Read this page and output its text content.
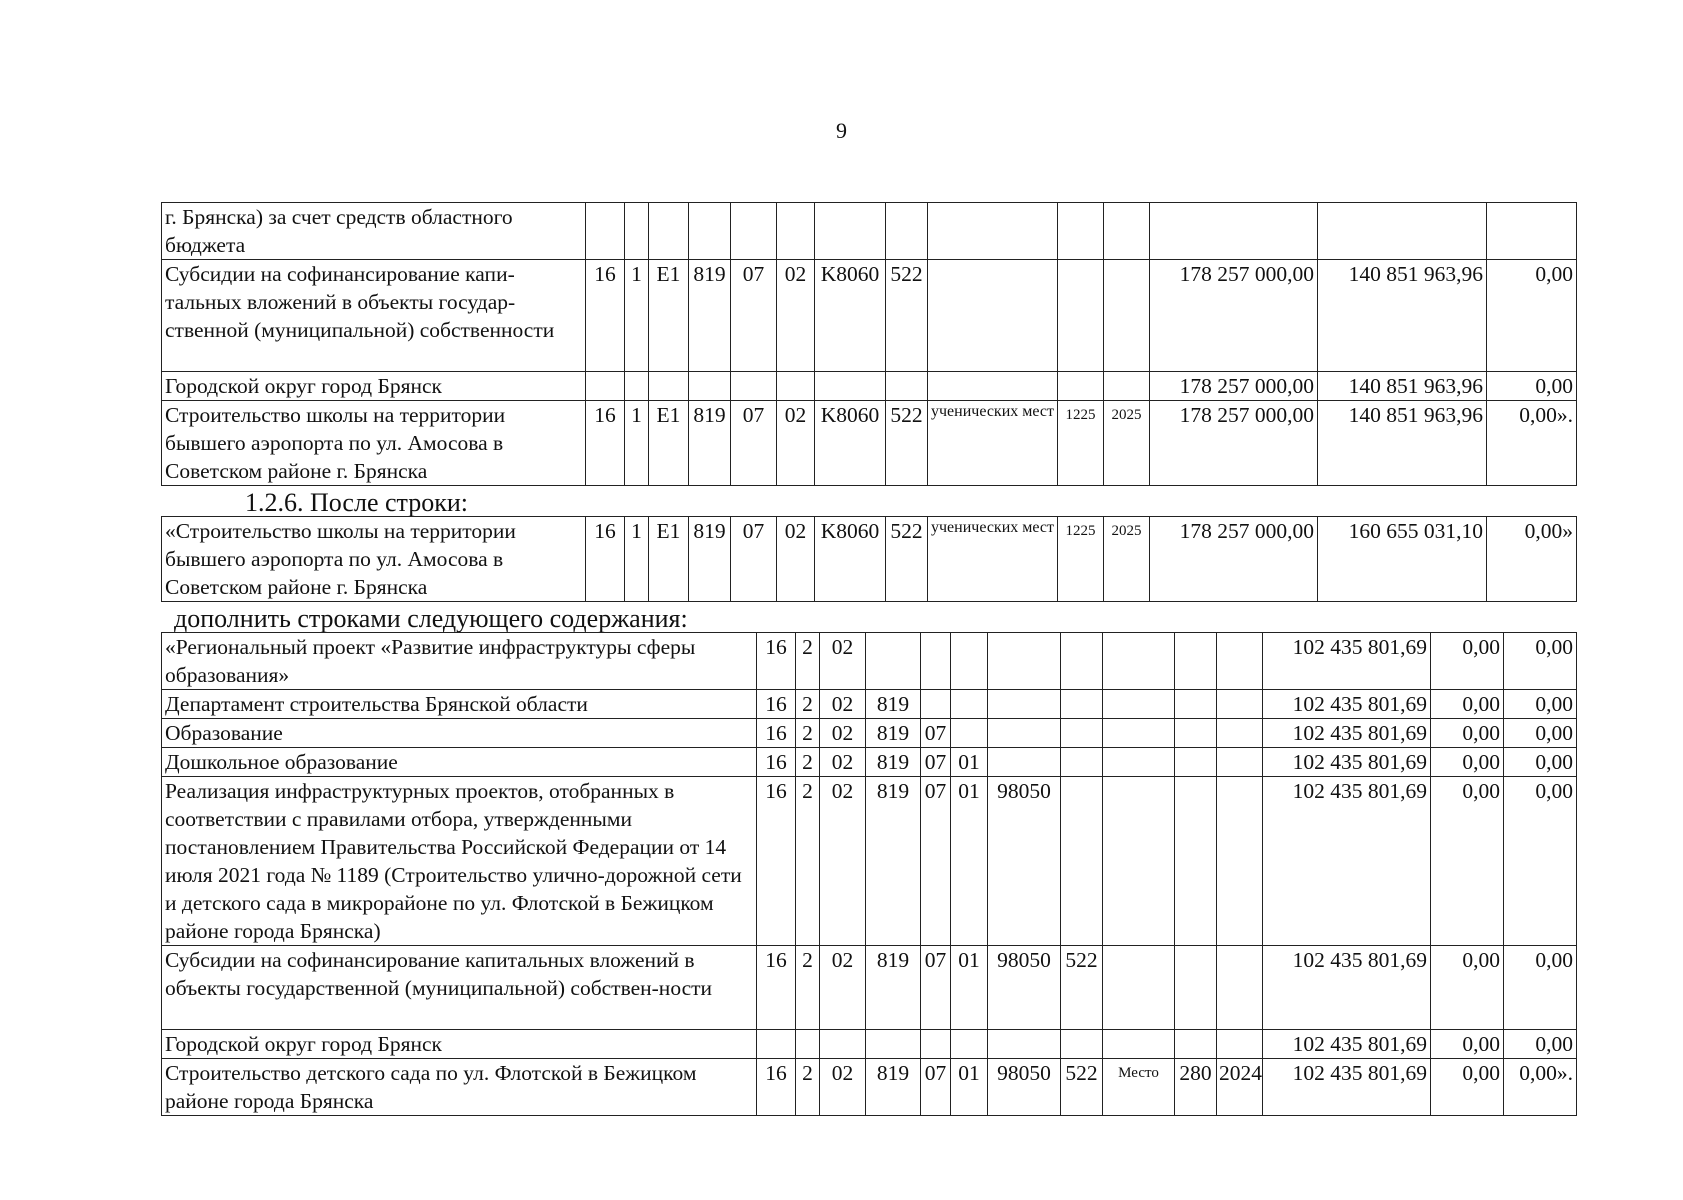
9
г. Брянска) за счет средств областного бюджета														
Субсидии на софинансирование капи-тальных вложений в объекты государ-ственной (муниципальной) собственности	16	1	E1	819	07	02	K8060	522				178 257 000,00	140 851 963,96	0,00
Городской округ город Брянск												178 257 000,00	140 851 963,96	0,00
Строительство школы на территории бывшего аэропорта по ул. Амосова в Советском районе г. Брянска	16	1	E1	819	07	02	K8060	522	ученических мест	1225	2025	178 257 000,00	140 851 963,96	0,00».
1.2.6. После строки:
«Строительство школы на территории бывшего аэропорта по ул. Амосова в Советском районе г. Брянска	16	1	E1	819	07	02	K8060	522	ученических мест	1225	2025	178 257 000,00	160 655 031,10	0,00»
дополнить строками следующего содержания:
«Региональный проект «Развитие инфраструктуры сферы образования»	16	2	02									102 435 801,69	0,00	0,00
Департамент строительства Брянской области	16	2	02	819								102 435 801,69	0,00	0,00
Образование	16	2	02	819	07							102 435 801,69	0,00	0,00
Дошкольное образование	16	2	02	819	07	01						102 435 801,69	0,00	0,00
Реализация инфраструктурных проектов, отобранных в соответствии с правилами отбора, утвержденными постановлением Правительства Российской Федерации от 14 июля 2021 года № 1189 (Строительство улично-дорожной сети и детского сада в микрорайоне по ул. Флотской в Бежицком районе города Брянска)	16	2	02	819	07	01	98050					102 435 801,69	0,00	0,00
Субсидии на софинансирование капитальных вложений в объекты государственной (муниципальной) собствен-ности	16	2	02	819	07	01	98050	522				102 435 801,69	0,00	0,00
Городской округ город Брянск												102 435 801,69	0,00	0,00
Строительство детского сада по ул. Флотской в Бежицком районе города Брянска	16	2	02	819	07	01	98050	522	Место	280	2024	102 435 801,69	0,00	0,00».
